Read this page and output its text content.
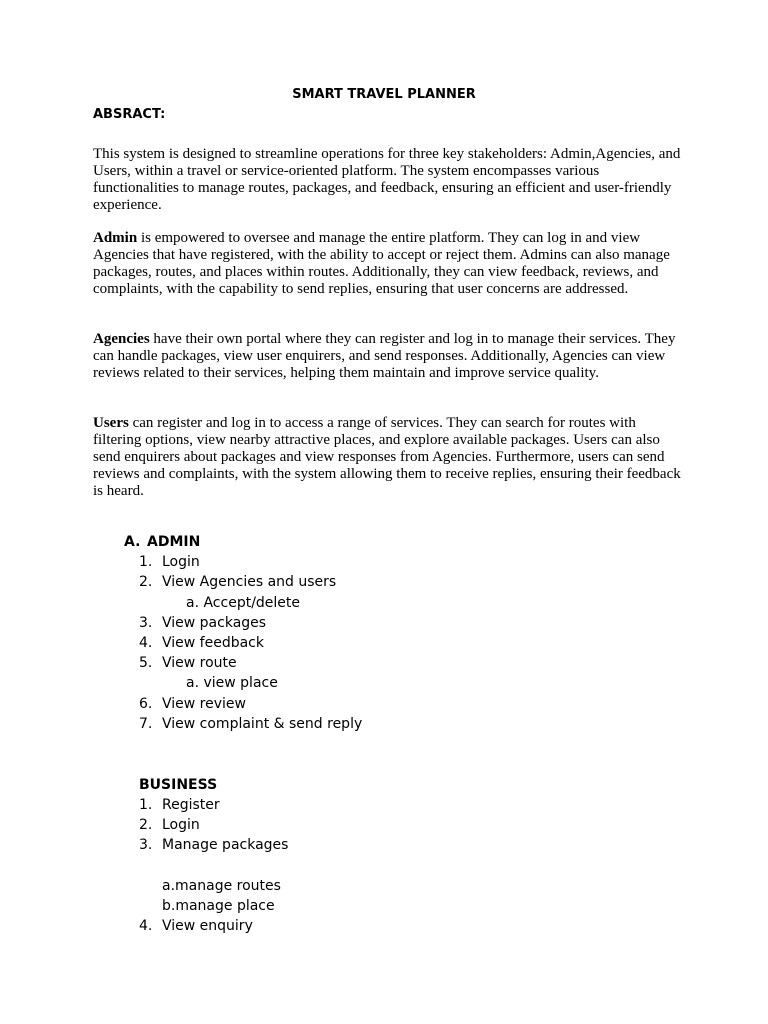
SMART TRAVEL PLANNER
ABSRACT:
This system is designed to streamline operations for three key stakeholders: Admin,Agencies, and Users, within a travel or service-oriented platform. The system encompasses various functionalities to manage routes, packages, and feedback, ensuring an efficient and user-friendly experience.
Admin is empowered to oversee and manage the entire platform. They can log in and view Agencies that have registered, with the ability to accept or reject them. Admins can also manage packages, routes, and places within routes. Additionally, they can view feedback, reviews, and complaints, with the capability to send replies, ensuring that user concerns are addressed.
Agencies have their own portal where they can register and log in to manage their services. They can handle packages, view user enquirers, and send responses. Additionally, Agencies can view reviews related to their services, helping them maintain and improve service quality.
Users can register and log in to access a range of services. They can search for routes with filtering options, view nearby attractive places, and explore available packages. Users can also send enquirers about packages and view responses from Agencies. Furthermore, users can send reviews and complaints, with the system allowing them to receive replies, ensuring their feedback is heard.
A. ADMIN
1. Login
2. View Agencies and users
a. Accept/delete
3. View packages
4. View feedback
5. View route
a. view place
6. View review
7. View complaint & send reply
BUSINESS
1. Register
2. Login
3. Manage packages
a.manage routes
b.manage place
4. View enquiry
